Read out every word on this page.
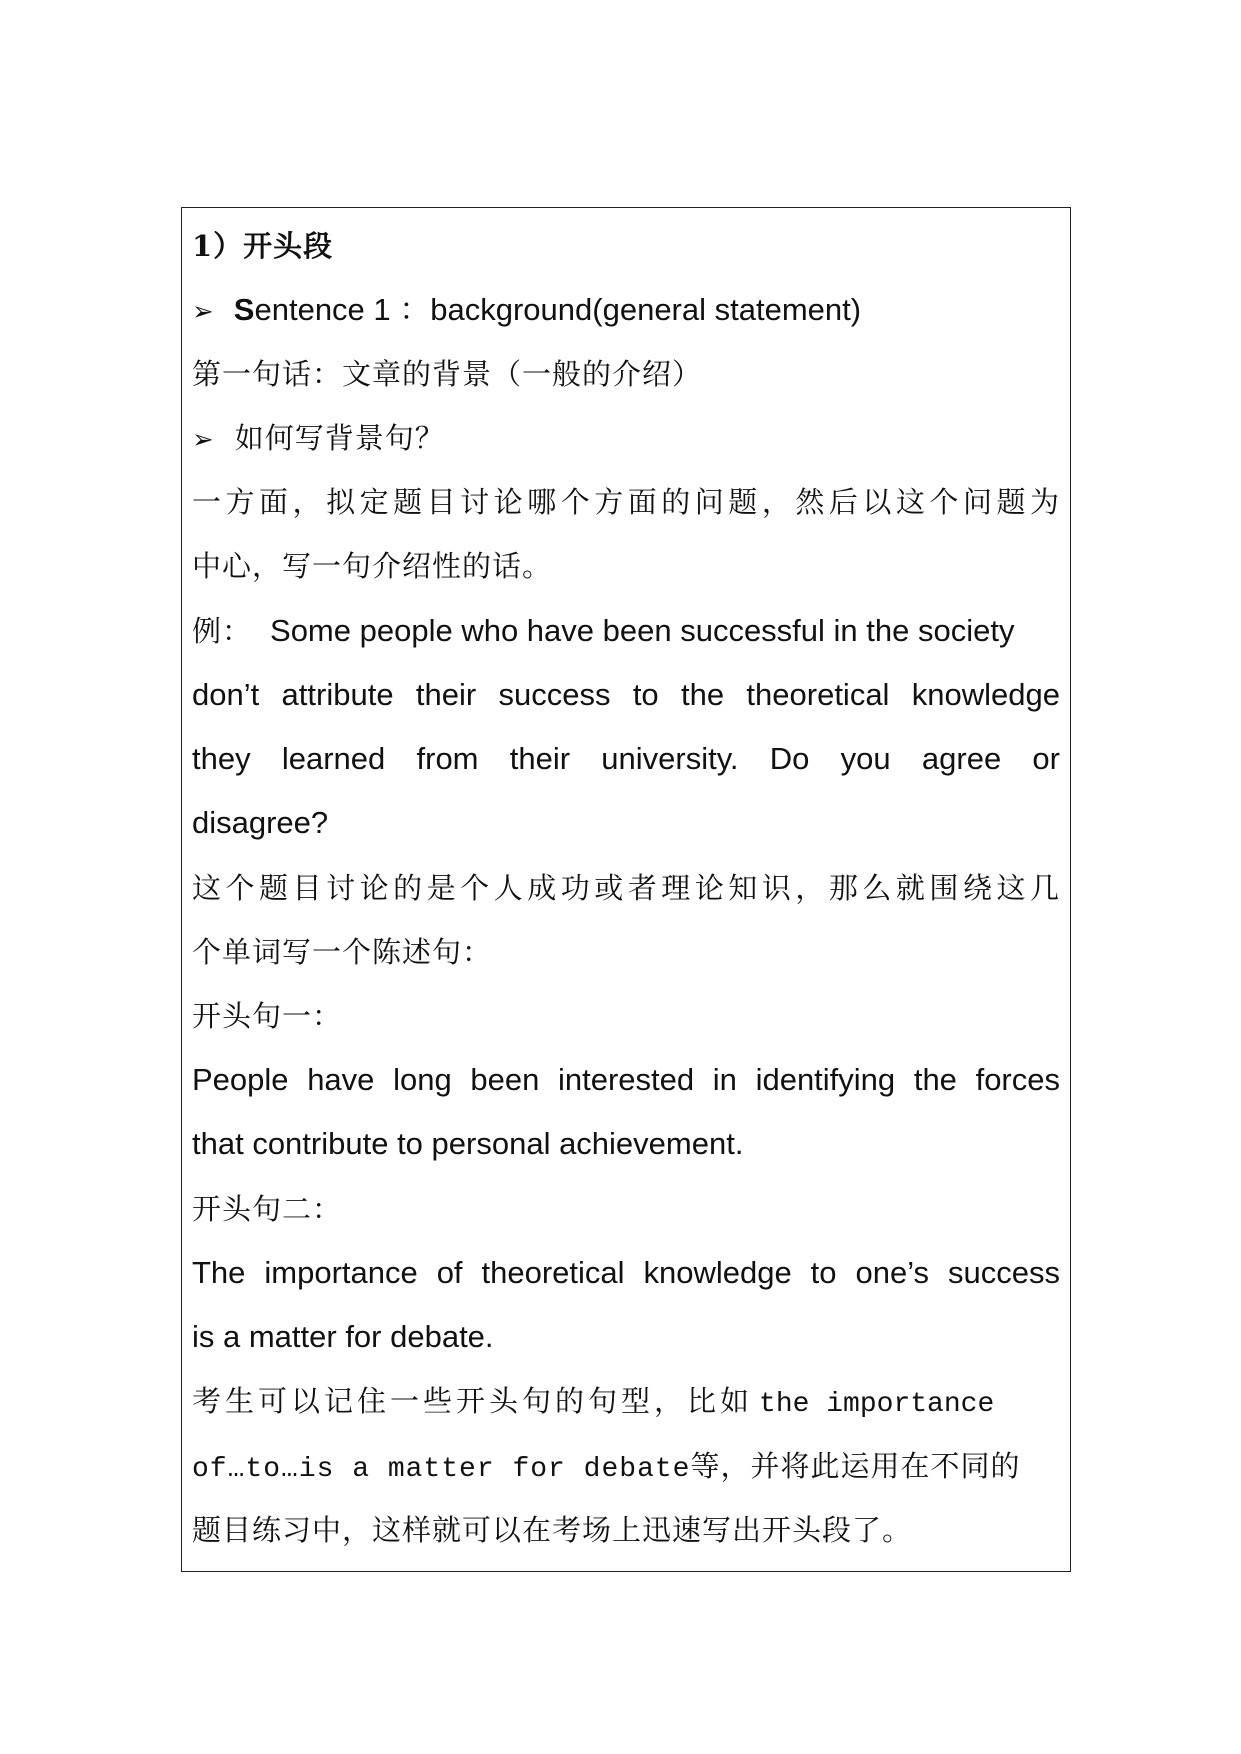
1）开头段
➢ Sentence 1 ：background(general statement)
第一句话：文章的背景（一般的介绍）
➢ 如何写背景句？
一方面，拟定题目讨论哪个方面的问题，然后以这个问题为
中心，写一句介绍性的话。
例： Some people who have been successful in the society
don’t attribute their success to the theoretical knowledge
they learned from their university. Do you agree or
disagree?
这个题目讨论的是个人成功或者理论知识，那么就围绕这几
个单词写一个陈述句：
开头句一：
People have long been interested in identifying the forces
that contribute to personal achievement.
开头句二：
The importance of theoretical knowledge to one’s success
is a matter for debate.
考生可以记住一些开头句的句型，比如 the importance
of…to…is a matter for debate等，并将此运用在不同的
题目练习中，这样就可以在考场上迅速写出开头段了。
